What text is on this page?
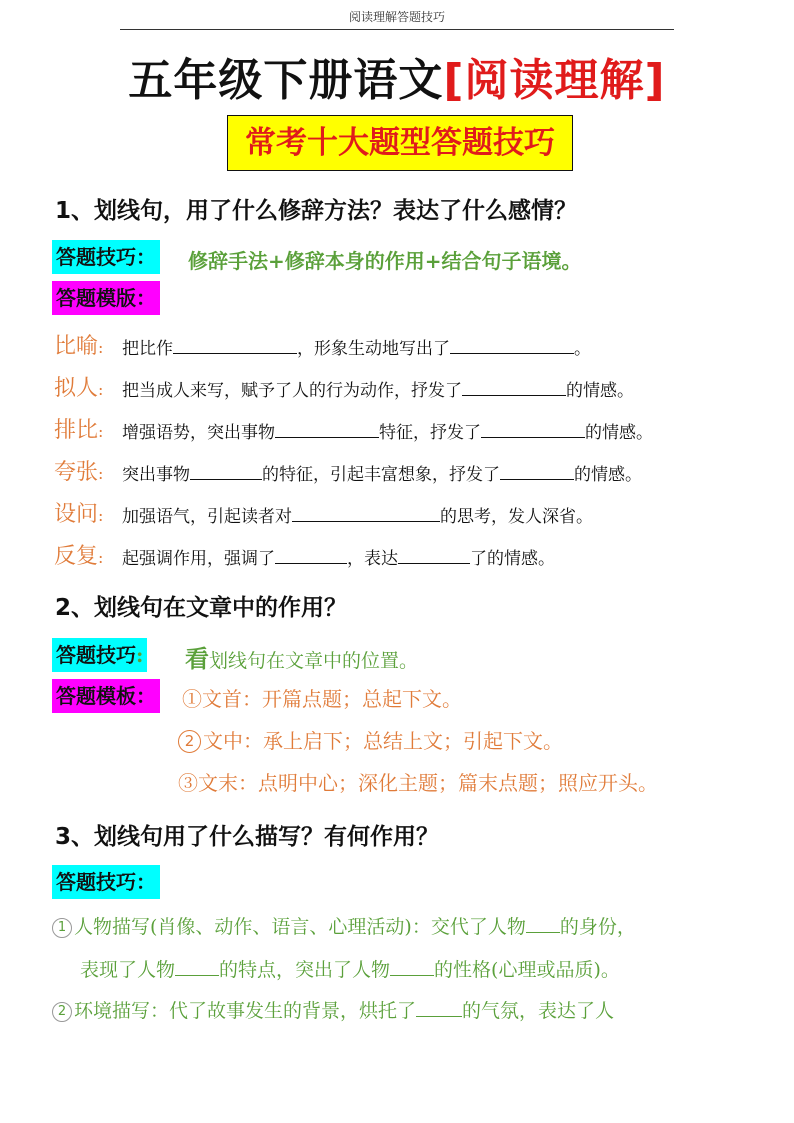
阅读理解答题技巧
五年级下册语文[阅读理解]
常考十大题型答题技巧
1、划线句，用了什么修辞方法？表达了什么感情？
答题技巧： 修辞手法+修辞本身的作用+结合句子语境。
答题模版：
比喻: 把比作	，形象生动地写出了	。
拟人: 把当成人来写，赋予了人的行为动作，抒发了	的情感。
排比: 增强语势，突出事物	特征，抒发了	的情感。
夸张: 突出事物	的特征，引起丰富想象，抒发了	的情感。
设问: 加强语气，引起读者对	的思考，发人深省。
反复: 起强调作用，强调了	，表达	了的情感。
2、划线句在文章中的作用？
答题技巧: 看划线句在文章中的位置。
答题模板： ①文首：开篇点题；总起下文。
2 文中：承上启下；总结上文；引起下文。
③文末：点明中心；深化主题；篇末点题；照应开头。
3、划线句用了什么描写？有何作用？
答题技巧：
1 人物描写(肖像、动作、语言、心理活动)：交代了人物 的身份，
表现了人物 的特点，突出了人物 的性格(心理或品质)。
2 环境描写：代了故事发生的背景，烘托了 的气氛，表达了人
